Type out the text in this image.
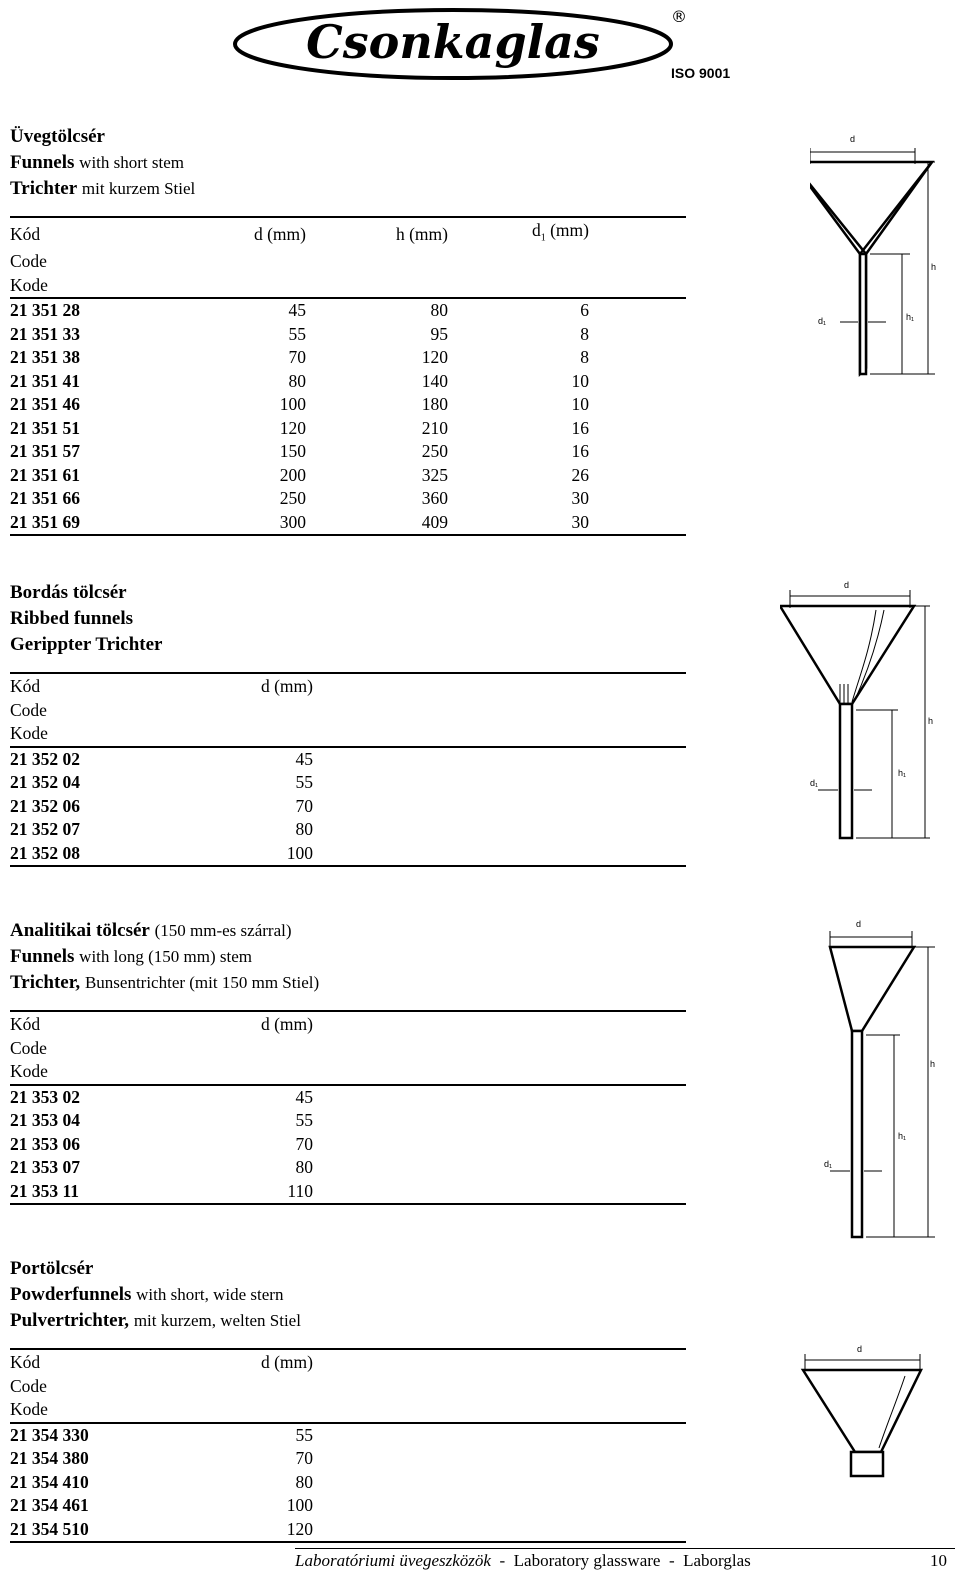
Csonkaglas	®
ISO 9001

Üvegtölcsér

Funnels with short stem

Trichter mit kurzem Stiel

Kód	d (mm)	h (mm)	$d_1$ (mm)	
Code				
Kode				
21 351 28	45	80	6	
21 351 33	55	95	8	
21 351 38	70	120	8	
21 351 41	80	140	10	
21 351 46	100	180	10	
21 351 51	120	210	16	
21 351 57	150	250	16	
21 351 61	200	325	26	
21 351 66	250	360	30	
21 351 69	300	409	30	

Bordás tölcsér

Ribbed funnels

Gerippter Trichter

Kód	d (mm)	
Code		
Kode		
21 352 02	45	
21 352 04	55	
21 352 06	70	
21 352 07	80	
21 352 08	100	

Analitikai tölcsér (150 mm-es szárral)

Funnels with long (150 mm) stem

Trichter, Bunsentrichter (mit 150 mm Stiel)

Kód	d (mm)	
Code		
Kode		
21 353 02	45	
21 353 04	55	
21 353 06	70	
21 353 07	80	
21 353 11	110	

Portölcsér

Powderfunnels with short, wide stern

Pulvertrichter, mit kurzem, welten Stiel

Kód	d (mm)	
Code		
Kode		
21 354 330	55	
21 354 380	70	
21 354 410	80	
21 354 461	100	
21 354 510	120	
d
h
h₁
d₁
d
h
h₁
d₁
d
h
h₁
d₁
d
Laboratóriumi üvegeszközök - Laboratory glassware - Laborglas	10
